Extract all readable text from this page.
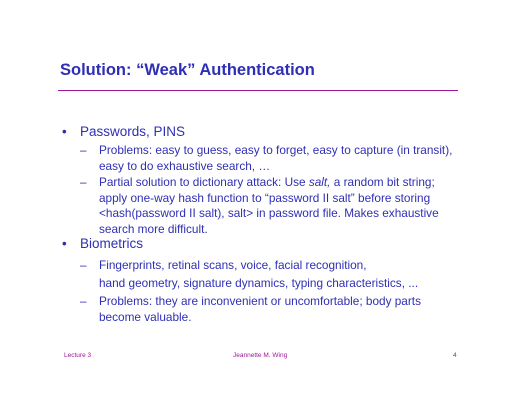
Solution: “Weak” Authentication
• Passwords, PINS
– Problems: easy to guess, easy to forget, easy to capture (in transit),
easy to do exhaustive search, …
– Partial solution to dictionary attack: Use salt, a random bit string;
apply one-way hash function to “password II salt” before storing
<hash(password II salt), salt> in password file. Makes exhaustive
search more difficult.
• Biometrics
– Fingerprints, retinal scans, voice, facial recognition,
hand geometry, signature dynamics, typing characteristics, ...
– Problems: they are inconvenient or uncomfortable; body parts
become valuable.
Lecture 3	Jeannette M. Wing	4
